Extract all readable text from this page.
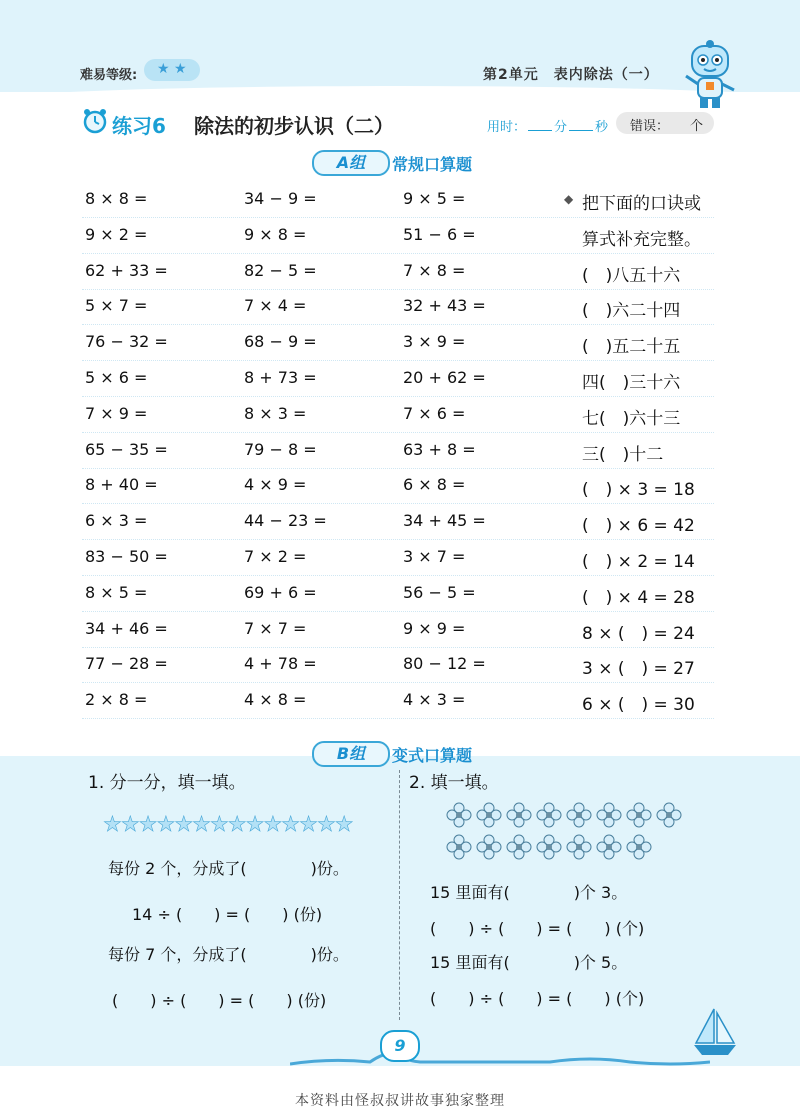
难易等级: ★ ★	第2单元　表内除法（一）
练习6 除法的初步认识（二）	用时： 分 秒 错误： 个
A组	常规口算题
8 × 8 =	34 − 9 =	9 × 5 =	把下面的口诀或
◆
9 × 2 =	9 × 8 =	51 − 6 =	算式补充完整。
62 + 33 =	82 − 5 =	7 × 8 =	(　)八五十六
5 × 7 =	7 × 4 =	32 + 43 =	(　)六二十四
76 − 32 =	68 − 9 =	3 × 9 =	(　)五二十五
5 × 6 =	8 + 73 =	20 + 62 =	四(　)三十六
7 × 9 =	8 × 3 =	7 × 6 =	七(　)六十三
65 − 35 =	79 − 8 =	63 + 8 =	三(　)十二
8 + 40 =	4 × 9 =	6 × 8 =	(　) × 3 = 18
6 × 3 =	44 − 23 =	34 + 45 =	(　) × 6 = 42
83 − 50 =	7 × 2 =	3 × 7 =	(　) × 2 = 14
8 × 5 =	69 + 6 =	56 − 5 =	(　) × 4 = 28
34 + 46 =	7 × 7 =	9 × 9 =	8 × (　) = 24
77 − 28 =	4 + 78 =	80 − 12 =	3 × (　) = 27
2 × 8 =	4 × 8 =	4 × 3 =	6 × (　) = 30
B组	变式口算题
1. 分一分，填一填。
★★★★★★★★★★★★★★
每份 2 个，分成了(　　　　)份。
14 ÷ (　　) = (　　) (份)
每份 7 个，分成了(　　　　)份。
(　　) ÷ (　　) = (　　) (份)
2. 填一填。
15 里面有(　　　　)个 3。
(　　) ÷ (　　) = (　　) (个)
15 里面有(　　　　)个 5。
(　　) ÷ (　　) = (　　) (个)
9
本资料由怪叔叔讲故事独家整理
